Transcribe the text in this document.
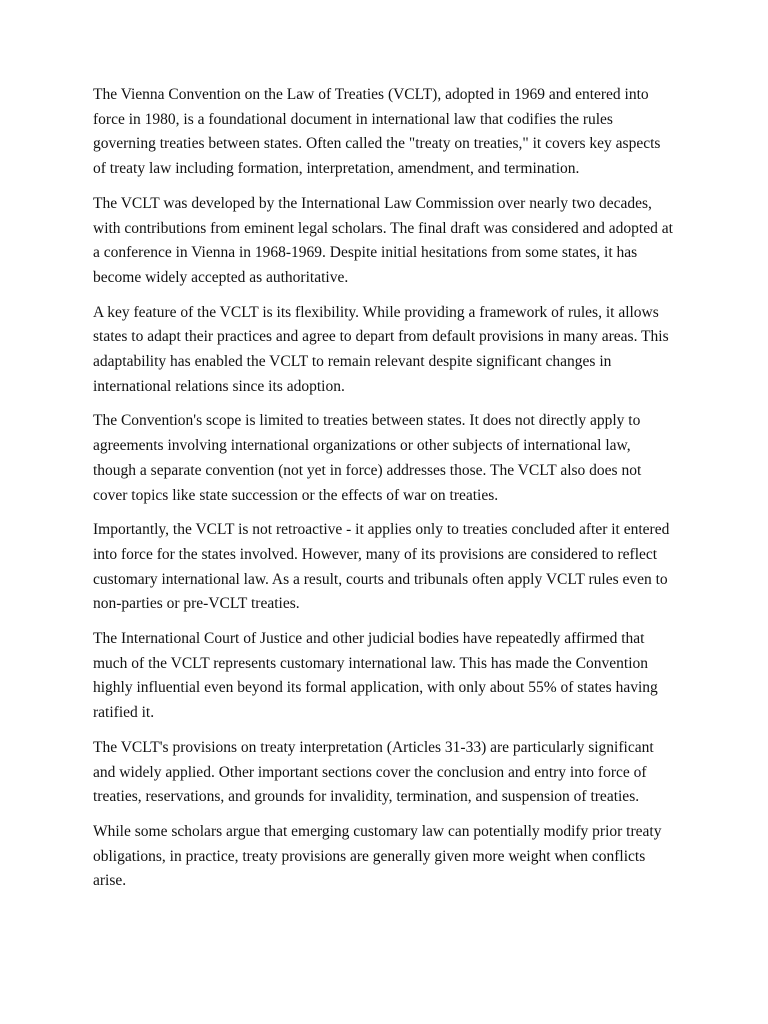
The Vienna Convention on the Law of Treaties (VCLT), adopted in 1969 and entered into force in 1980, is a foundational document in international law that codifies the rules governing treaties between states. Often called the "treaty on treaties," it covers key aspects of treaty law including formation, interpretation, amendment, and termination.

The VCLT was developed by the International Law Commission over nearly two decades, with contributions from eminent legal scholars. The final draft was considered and adopted at a conference in Vienna in 1968-1969. Despite initial hesitations from some states, it has become widely accepted as authoritative.

A key feature of the VCLT is its flexibility. While providing a framework of rules, it allows states to adapt their practices and agree to depart from default provisions in many areas. This adaptability has enabled the VCLT to remain relevant despite significant changes in international relations since its adoption.

The Convention's scope is limited to treaties between states. It does not directly apply to agreements involving international organizations or other subjects of international law, though a separate convention (not yet in force) addresses those. The VCLT also does not cover topics like state succession or the effects of war on treaties.

Importantly, the VCLT is not retroactive - it applies only to treaties concluded after it entered into force for the states involved. However, many of its provisions are considered to reflect customary international law. As a result, courts and tribunals often apply VCLT rules even to non-parties or pre-VCLT treaties.

The International Court of Justice and other judicial bodies have repeatedly affirmed that much of the VCLT represents customary international law. This has made the Convention highly influential even beyond its formal application, with only about 55% of states having ratified it.

The VCLT's provisions on treaty interpretation (Articles 31-33) are particularly significant and widely applied. Other important sections cover the conclusion and entry into force of treaties, reservations, and grounds for invalidity, termination, and suspension of treaties.

While some scholars argue that emerging customary law can potentially modify prior treaty obligations, in practice, treaty provisions are generally given more weight when conflicts arise.
